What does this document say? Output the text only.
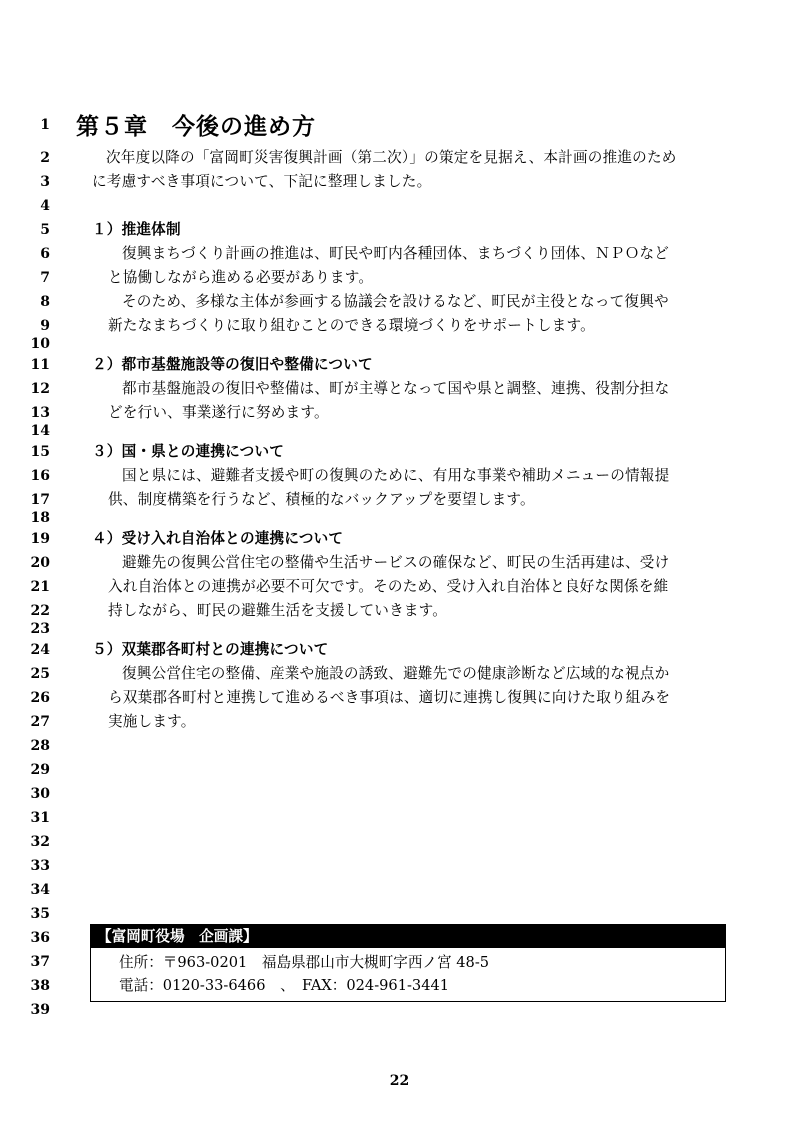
1
2
3
4
5
6
7
8
9
10
11
12
13
14
15
16
17
18
19
20
21
22
23
24
25
26
27
28
29
30
31
32
33
34
35
36
37
38
39
第５章　今後の進め方
次年度以降の「富岡町災害復興計画（第二次）」の策定を見据え、本計画の推進のため
に考慮すべき事項について、下記に整理しました。
１）推進体制
復興まちづくり計画の推進は、町民や町内各種団体、まちづくり団体、ＮＰＯなど
と協働しながら進める必要があります。
そのため、多様な主体が参画する協議会を設けるなど、町民が主役となって復興や
新たなまちづくりに取り組むことのできる環境づくりをサポートします。
２）都市基盤施設等の復旧や整備について
都市基盤施設の復旧や整備は、町が主導となって国や県と調整、連携、役割分担な
どを行い、事業遂行に努めます。
３）国・県との連携について
国と県には、避難者支援や町の復興のために、有用な事業や補助メニューの情報提
供、制度構築を行うなど、積極的なバックアップを要望します。
４）受け入れ自治体との連携について
避難先の復興公営住宅の整備や生活サービスの確保など、町民の生活再建は、受け
入れ自治体との連携が必要不可欠です。そのため、受け入れ自治体と良好な関係を維
持しながら、町民の避難生活を支援していきます。
５）双葉郡各町村との連携について
復興公営住宅の整備、産業や施設の誘致、避難先での健康診断など広域的な視点か
ら双葉郡各町村と連携して進めるべき事項は、適切に連携し復興に向けた取り組みを
実施します。
【富岡町役場　企画課】
住所：〒963-0201　福島県郡山市大槻町字西ノ宮 48-5
電話：0120-33-6466　、　FAX：024-961-3441
22
